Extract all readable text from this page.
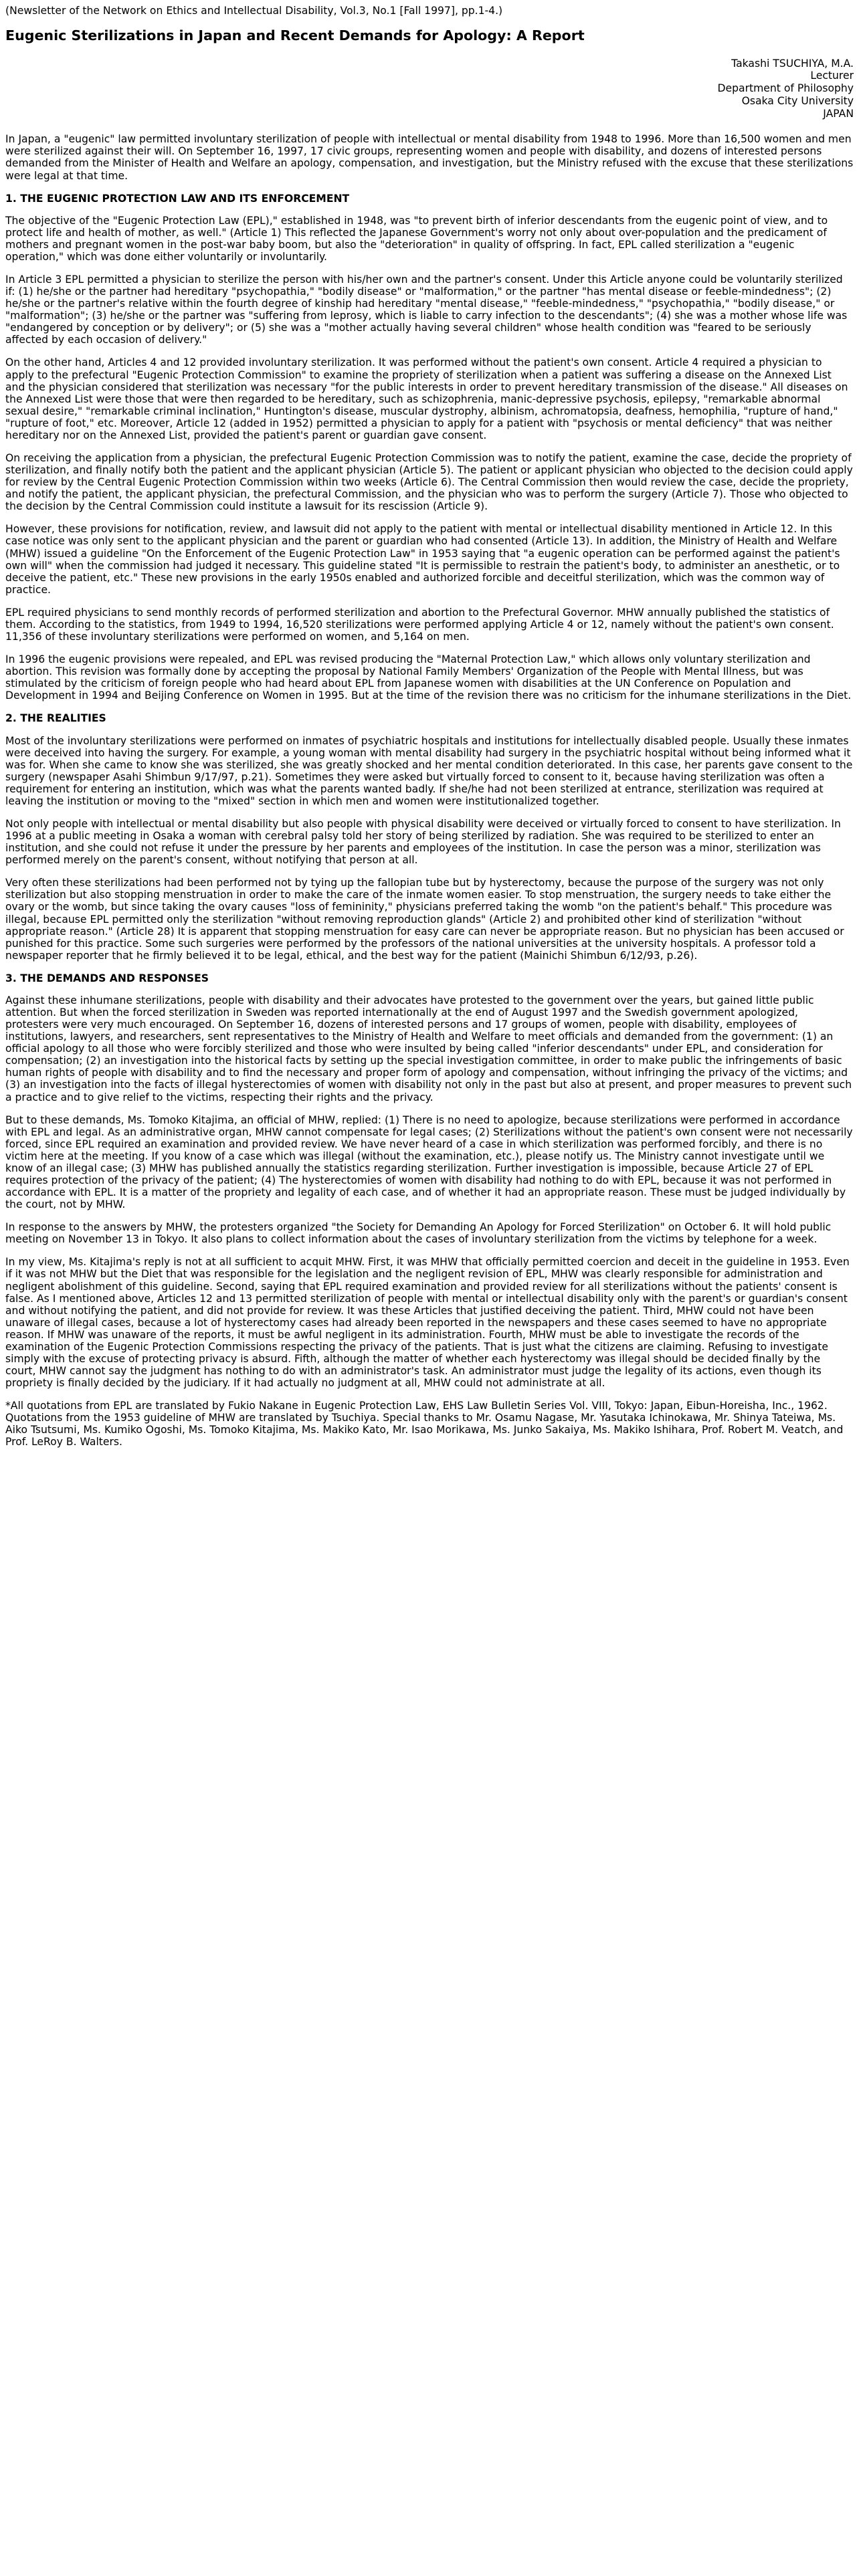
(Newsletter of the Network on Ethics and Intellectual Disability, Vol.3, No.1 [Fall 1997], pp.1-4.)
Eugenic Sterilizations in Japan and Recent Demands for Apology: A Report
Takashi TSUCHIYA, M.A.
Lecturer
Department of Philosophy
Osaka City University
JAPAN

In Japan, a "eugenic" law permitted involuntary sterilization of people with intellectual or mental disability from 1948 to 1996. More than 16,500 women and men were sterilized against their will. On September 16, 1997, 17 civic groups, representing women and people with disability, and dozens of interested persons demanded from the Minister of Health and Welfare an apology, compensation, and investigation, but the Ministry refused with the excuse that these sterilizations were legal at that time.

1. THE EUGENIC PROTECTION LAW AND ITS ENFORCEMENT

The objective of the "Eugenic Protection Law (EPL)," established in 1948, was "to prevent birth of inferior descendants from the eugenic point of view, and to protect life and health of mother, as well." (Article 1) This reflected the Japanese Government's worry not only about over-population and the predicament of mothers and pregnant women in the post-war baby boom, but also the "deterioration" in quality of offspring. In fact, EPL called sterilization a "eugenic operation," which was done either voluntarily or involuntarily.

In Article 3 EPL permitted a physician to sterilize the person with his/her own and the partner's consent. Under this Article anyone could be voluntarily sterilized if: (1) he/she or the partner had hereditary "psychopathia," "bodily disease" or "malformation," or the partner "has mental disease or feeble-mindedness"; (2) he/she or the partner's relative within the fourth degree of kinship had hereditary "mental disease," "feeble-mindedness," "psychopathia," "bodily disease," or "malformation"; (3) he/she or the partner was "suffering from leprosy, which is liable to carry infection to the descendants"; (4) she was a mother whose life was "endangered by conception or by delivery"; or (5) she was a "mother actually having several children" whose health condition was "feared to be seriously affected by each occasion of delivery."

On the other hand, Articles 4 and 12 provided involuntary sterilization. It was performed without the patient's own consent. Article 4 required a physician to apply to the prefectural "Eugenic Protection Commission" to examine the propriety of sterilization when a patient was suffering a disease on the Annexed List and the physician considered that sterilization was necessary "for the public interests in order to prevent hereditary transmission of the disease." All diseases on the Annexed List were those that were then regarded to be hereditary, such as schizophrenia, manic-depressive psychosis, epilepsy, "remarkable abnormal sexual desire," "remarkable criminal inclination," Huntington's disease, muscular dystrophy, albinism, achromatopsia, deafness, hemophilia, "rupture of hand," "rupture of foot," etc. Moreover, Article 12 (added in 1952) permitted a physician to apply for a patient with "psychosis or mental deficiency" that was neither hereditary nor on the Annexed List, provided the patient's parent or guardian gave consent.

On receiving the application from a physician, the prefectural Eugenic Protection Commission was to notify the patient, examine the case, decide the propriety of sterilization, and finally notify both the patient and the applicant physician (Article 5). The patient or applicant physician who objected to the decision could apply for review by the Central Eugenic Protection Commission within two weeks (Article 6). The Central Commission then would review the case, decide the propriety, and notify the patient, the applicant physician, the prefectural Commission, and the physician who was to perform the surgery (Article 7). Those who objected to the decision by the Central Commission could institute a lawsuit for its rescission (Article 9).

However, these provisions for notification, review, and lawsuit did not apply to the patient with mental or intellectual disability mentioned in Article 12. In this case notice was only sent to the applicant physician and the parent or guardian who had consented (Article 13). In addition, the Ministry of Health and Welfare (MHW) issued a guideline "On the Enforcement of the Eugenic Protection Law" in 1953 saying that "a eugenic operation can be performed against the patient's own will" when the commission had judged it necessary. This guideline stated "It is permissible to restrain the patient's body, to administer an anesthetic, or to deceive the patient, etc." These new provisions in the early 1950s enabled and authorized forcible and deceitful sterilization, which was the common way of practice.

EPL required physicians to send monthly records of performed sterilization and abortion to the Prefectural Governor. MHW annually published the statistics of them. According to the statistics, from 1949 to 1994, 16,520 sterilizations were performed applying Article 4 or 12, namely without the patient's own consent. 11,356 of these involuntary sterilizations were performed on women, and 5,164 on men.

In 1996 the eugenic provisions were repealed, and EPL was revised producing the "Maternal Protection Law," which allows only voluntary sterilization and abortion. This revision was formally done by accepting the proposal by National Family Members' Organization of the People with Mental Illness, but was stimulated by the criticism of foreign people who had heard about EPL from Japanese women with disabilities at the UN Conference on Population and Development in 1994 and Beijing Conference on Women in 1995. But at the time of the revision there was no criticism for the inhumane sterilizations in the Diet.

2. THE REALITIES

Most of the involuntary sterilizations were performed on inmates of psychiatric hospitals and institutions for intellectually disabled people. Usually these inmates were deceived into having the surgery. For example, a young woman with mental disability had surgery in the psychiatric hospital without being informed what it was for. When she came to know she was sterilized, she was greatly shocked and her mental condition deteriorated. In this case, her parents gave consent to the surgery (newspaper Asahi Shimbun 9/17/97, p.21). Sometimes they were asked but virtually forced to consent to it, because having sterilization was often a requirement for entering an institution, which was what the parents wanted badly. If she/he had not been sterilized at entrance, sterilization was required at leaving the institution or moving to the "mixed" section in which men and women were institutionalized together.

Not only people with intellectual or mental disability but also people with physical disability were deceived or virtually forced to consent to have sterilization. In 1996 at a public meeting in Osaka a woman with cerebral palsy told her story of being sterilized by radiation. She was required to be sterilized to enter an institution, and she could not refuse it under the pressure by her parents and employees of the institution. In case the person was a minor, sterilization was performed merely on the parent's consent, without notifying that person at all.

Very often these sterilizations had been performed not by tying up the fallopian tube but by hysterectomy, because the purpose of the surgery was not only sterilization but also stopping menstruation in order to make the care of the inmate women easier. To stop menstruation, the surgery needs to take either the ovary or the womb, but since taking the ovary causes "loss of femininity," physicians preferred taking the womb "on the patient's behalf." This procedure was illegal, because EPL permitted only the sterilization "without removing reproduction glands" (Article 2) and prohibited other kind of sterilization "without appropriate reason." (Article 28) It is apparent that stopping menstruation for easy care can never be appropriate reason. But no physician has been accused or punished for this practice. Some such surgeries were performed by the professors of the national universities at the university hospitals. A professor told a newspaper reporter that he firmly believed it to be legal, ethical, and the best way for the patient (Mainichi Shimbun 6/12/93, p.26).

3. THE DEMANDS AND RESPONSES

Against these inhumane sterilizations, people with disability and their advocates have protested to the government over the years, but gained little public attention. But when the forced sterilization in Sweden was reported internationally at the end of August 1997 and the Swedish government apologized, protesters were very much encouraged. On September 16, dozens of interested persons and 17 groups of women, people with disability, employees of institutions, lawyers, and researchers, sent representatives to the Ministry of Health and Welfare to meet officials and demanded from the government: (1) an official apology to all those who were forcibly sterilized and those who were insulted by being called "inferior descendants" under EPL, and consideration for compensation; (2) an investigation into the historical facts by setting up the special investigation committee, in order to make public the infringements of basic human rights of people with disability and to find the necessary and proper form of apology and compensation, without infringing the privacy of the victims; and (3) an investigation into the facts of illegal hysterectomies of women with disability not only in the past but also at present, and proper measures to prevent such a practice and to give relief to the victims, respecting their rights and the privacy.

But to these demands, Ms. Tomoko Kitajima, an official of MHW, replied: (1) There is no need to apologize, because sterilizations were performed in accordance with EPL and legal. As an administrative organ, MHW cannot compensate for legal cases; (2) Sterilizations without the patient's own consent were not necessarily forced, since EPL required an examination and provided review. We have never heard of a case in which sterilization was performed forcibly, and there is no victim here at the meeting. If you know of a case which was illegal (without the examination, etc.), please notify us. The Ministry cannot investigate until we know of an illegal case; (3) MHW has published annually the statistics regarding sterilization. Further investigation is impossible, because Article 27 of EPL requires protection of the privacy of the patient; (4) The hysterectomies of women with disability had nothing to do with EPL, because it was not performed in accordance with EPL. It is a matter of the propriety and legality of each case, and of whether it had an appropriate reason. These must be judged individually by the court, not by MHW.

In response to the answers by MHW, the protesters organized "the Society for Demanding An Apology for Forced Sterilization" on October 6. It will hold public meeting on November 13 in Tokyo. It also plans to collect information about the cases of involuntary sterilization from the victims by telephone for a week.

In my view, Ms. Kitajima's reply is not at all sufficient to acquit MHW. First, it was MHW that officially permitted coercion and deceit in the guideline in 1953. Even if it was not MHW but the Diet that was responsible for the legislation and the negligent revision of EPL, MHW was clearly responsible for administration and negligent abolishment of this guideline. Second, saying that EPL required examination and provided review for all sterilizations without the patients' consent is false. As I mentioned above, Articles 12 and 13 permitted sterilization of people with mental or intellectual disability only with the parent's or guardian's consent and without notifying the patient, and did not provide for review. It was these Articles that justified deceiving the patient. Third, MHW could not have been unaware of illegal cases, because a lot of hysterectomy cases had already been reported in the newspapers and these cases seemed to have no appropriate reason. If MHW was unaware of the reports, it must be awful negligent in its administration. Fourth, MHW must be able to investigate the records of the examination of the Eugenic Protection Commissions respecting the privacy of the patients. That is just what the citizens are claiming. Refusing to investigate simply with the excuse of protecting privacy is absurd. Fifth, although the matter of whether each hysterectomy was illegal should be decided finally by the court, MHW cannot say the judgment has nothing to do with an administrator's task. An administrator must judge the legality of its actions, even though its propriety is finally decided by the judiciary. If it had actually no judgment at all, MHW could not administrate at all.

*All quotations from EPL are translated by Fukio Nakane in Eugenic Protection Law, EHS Law Bulletin Series Vol. VIII, Tokyo: Japan, Eibun-Horeisha, Inc., 1962. Quotations from the 1953 guideline of MHW are translated by Tsuchiya. Special thanks to Mr. Osamu Nagase, Mr. Yasutaka Ichinokawa, Mr. Shinya Tateiwa, Ms. Aiko Tsutsumi, Ms. Kumiko Ogoshi, Ms. Tomoko Kitajima, Ms. Makiko Kato, Mr. Isao Morikawa, Ms. Junko Sakaiya, Ms. Makiko Ishihara, Prof. Robert M. Veatch, and Prof. LeRoy B. Walters.
